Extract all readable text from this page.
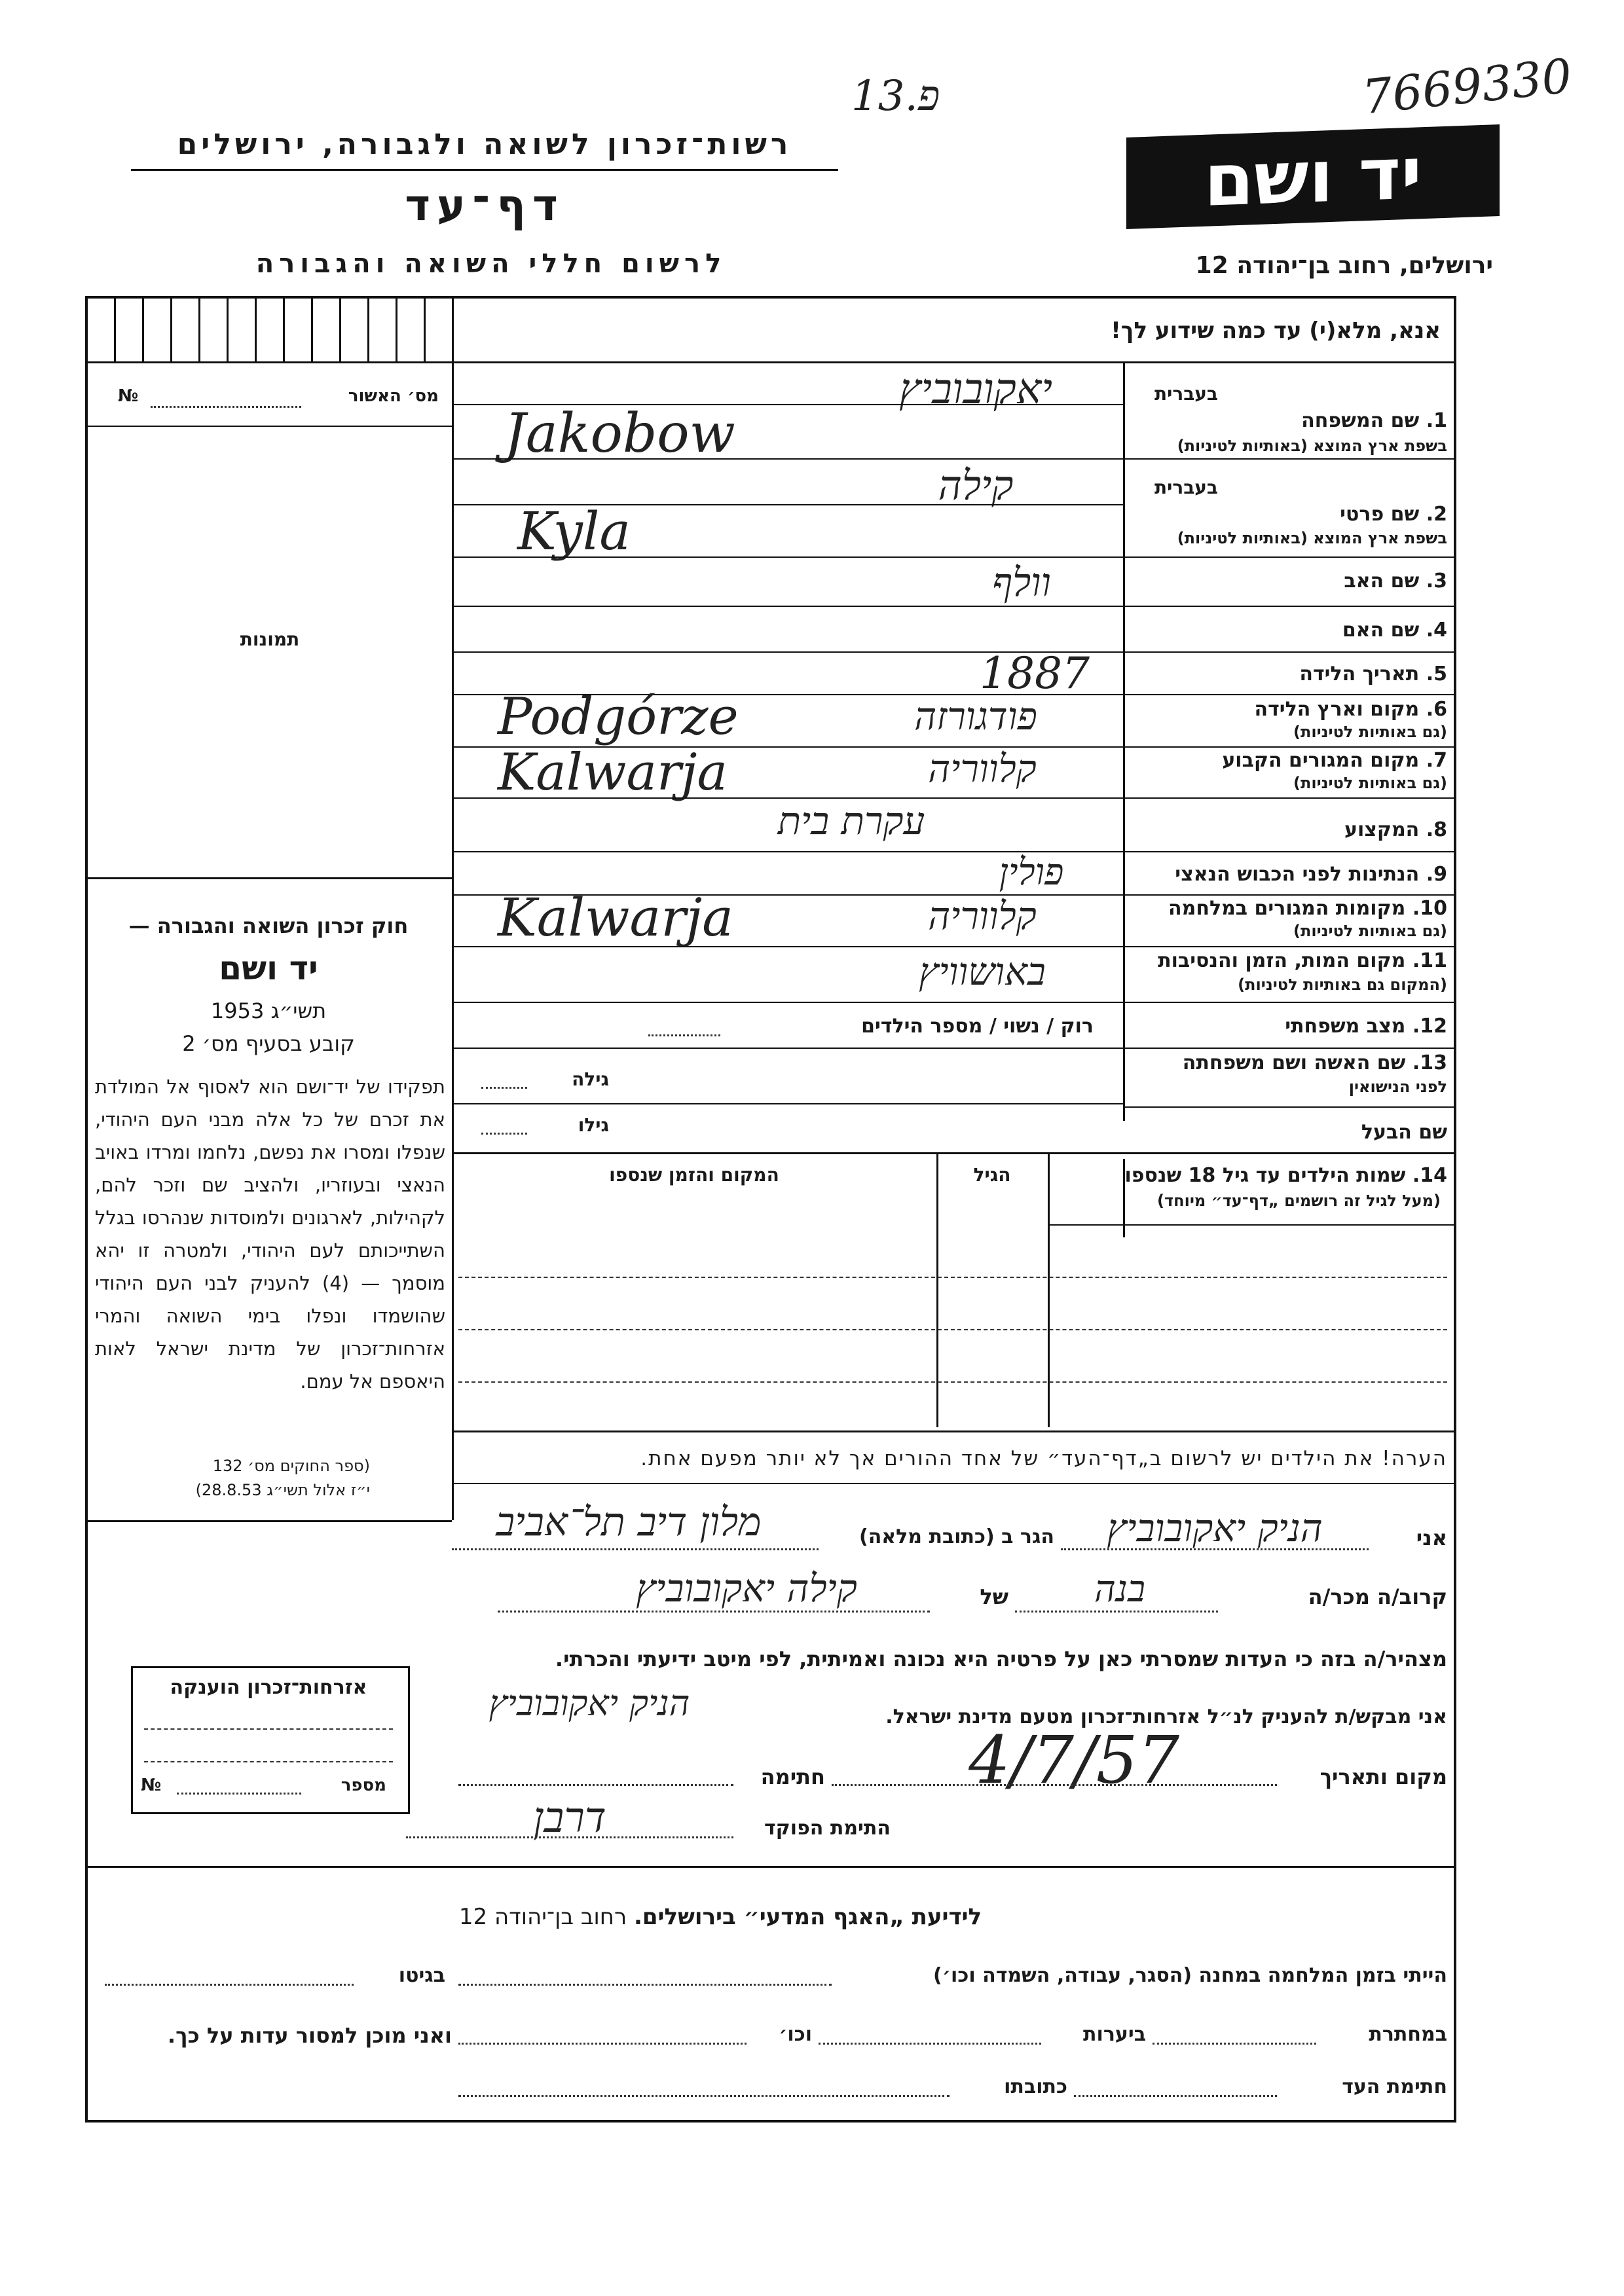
13.פ	7669330
רשות־זכרון לשואה ולגבורה, ירושלים
דף־עד
לרשום חללי השואה והגבורה
יד ושם
ירושלים, רחוב בן־יהודה 12
אנא, מלא(י) עד כמה שידוע לך!
מס׳ האשור
№
תמונות
חוק זכרון השואה והגבורה —
יד ושם
תשי״ג 1953
קובע בסעיף מס׳ 2
תפקידו של יד־ושם הוא לאסוף אל המולדת את זכרם של כל אלה מבני העם היהודי, שנפלו ומסרו את נפשם, נלחמו ומרדו באויב הנאצי ובעוזריו, ולהציב שם וזכר להם, לקהילות, לארגונים ולמוסדות שנהרסו בגלל השתייכותם לעם היהודי, ולמטרה זו יהא מוסמך — (4) להעניק לבני העם היהודי שהושמדו ונפלו בימי השואה והמרי אזרחות־זכרון של מדינת ישראל לאות היאספם אל עמם.
(ספר החוקים מס׳ 132
י״ז אלול תשי״ג 28.8.53)
בעברית
1. שם המשפחה
בשפת ארץ המוצא (באותיות לטיניות)
יאקובוביץ
Jakobow
בעברית
2. שם פרטי
בשפת ארץ המוצא (באותיות לטיניות)
קילה
Kyla
3. שם האב
וולף
4. שם האם
5. תאריך הלידה
1887
6. מקום וארץ הלידה
(גם באותיות לטיניות)
Podgórze	פודגורזה
7. מקום המגורים הקבוע
(גם באותיות לטיניות)
Kalwarja	קלווריה
8. המקצוע
עקרת בית
9. הנתינות לפני הכבוש הנאצי
פולין
10. מקומות המגורים במלחמה
(גם באותיות לטיניות)
Kalwarja	קלווריה
11. מקום המות, הזמן והנסיבות
(המקום גם באותיות לטיניות)
באושוויץ
12. מצב משפחתי
רוק / נשוי / מספר הילדים
13. שם האשה ושם משפחתה
לפני הנישואין
גילה
שם הבעל
גילו
14. שמות הילדים עד גיל 18 שנספו
(מעל לגיל זה רושמים „דף־עד״ מיוחד)
הגיל
המקום והזמן שנספו
הערה! את הילדים יש לרשום ב„דף־העד״ של אחד ההורים אך לא יותר מפעם אחת.
אני
הניק יאקובוביץ
הגר ב (כתובת מלאה)
מלון דיב תל־אביב
קרוב/ה מכר/ה
בנה
של
קילה יאקובוביץ
מצהיר/ה בזה כי העדות שמסרתי כאן על פרטיה היא נכונה ואמיתית, לפי מיטב ידיעתי והכרתי.
אזרחות־זכרון הוענקה
מספר
№
אני מבקש/ת להעניק לנ״ל אזרחות־זכרון מטעם מדינת ישראל.
הניק יאקובוביץ
מקום ותאריך
4/7/57
חתימה
התימת הפוקד
דרבן
לידיעת „האגף המדעי״ בירושלים. רחוב בן־יהודה 12
הייתי בזמן המלחמה במחנה (הסגר, עבודה, השמדה וכו׳)
בגיטו
במחתרת
ביערות
וכו׳
ואני מוכן למסור עדות על כך.
חתימת העד
כתובתו
